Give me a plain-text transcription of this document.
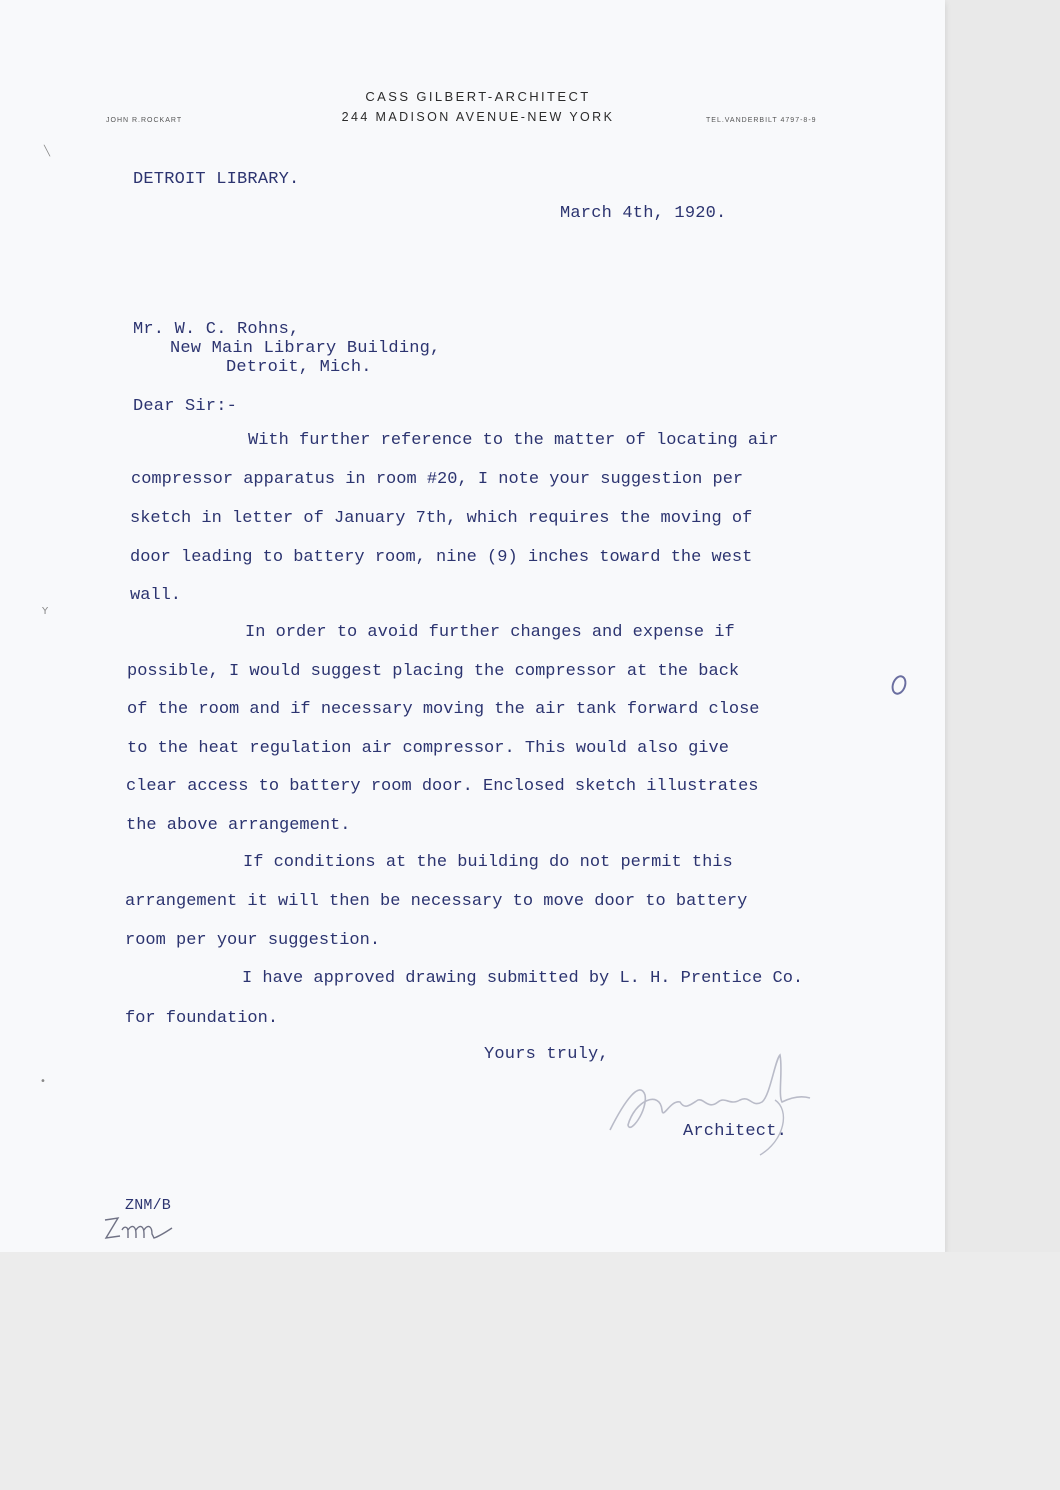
CASS GILBERT-ARCHITECT
244 MADISON AVENUE-NEW YORK
JOHN R.ROCKART	TEL.VANDERBILT 4797-8-9
╲
Y
•
DETROIT LIBRARY.
March 4th, 1920.
Mr. W. C. Rohns,
New Main Library Building,
Detroit, Mich.
Dear Sir:-
With further reference to the matter of locating air
compressor apparatus in room #20, I note your suggestion per
sketch in letter of January 7th, which requires the moving of
door leading to battery room, nine (9) inches toward the west
wall.
In order to avoid further changes and expense if
possible, I would suggest placing the compressor at the back
of the room and if necessary moving the air tank forward close
to the heat regulation air compressor. This would also give
clear access to battery room door. Enclosed sketch illustrates
the above arrangement.
If conditions at the building do not permit this
arrangement it will then be necessary to move door to battery
room per your suggestion.
I have approved drawing submitted by L. H. Prentice Co.
for foundation.
Yours truly,
Architect.
ZNM/B
